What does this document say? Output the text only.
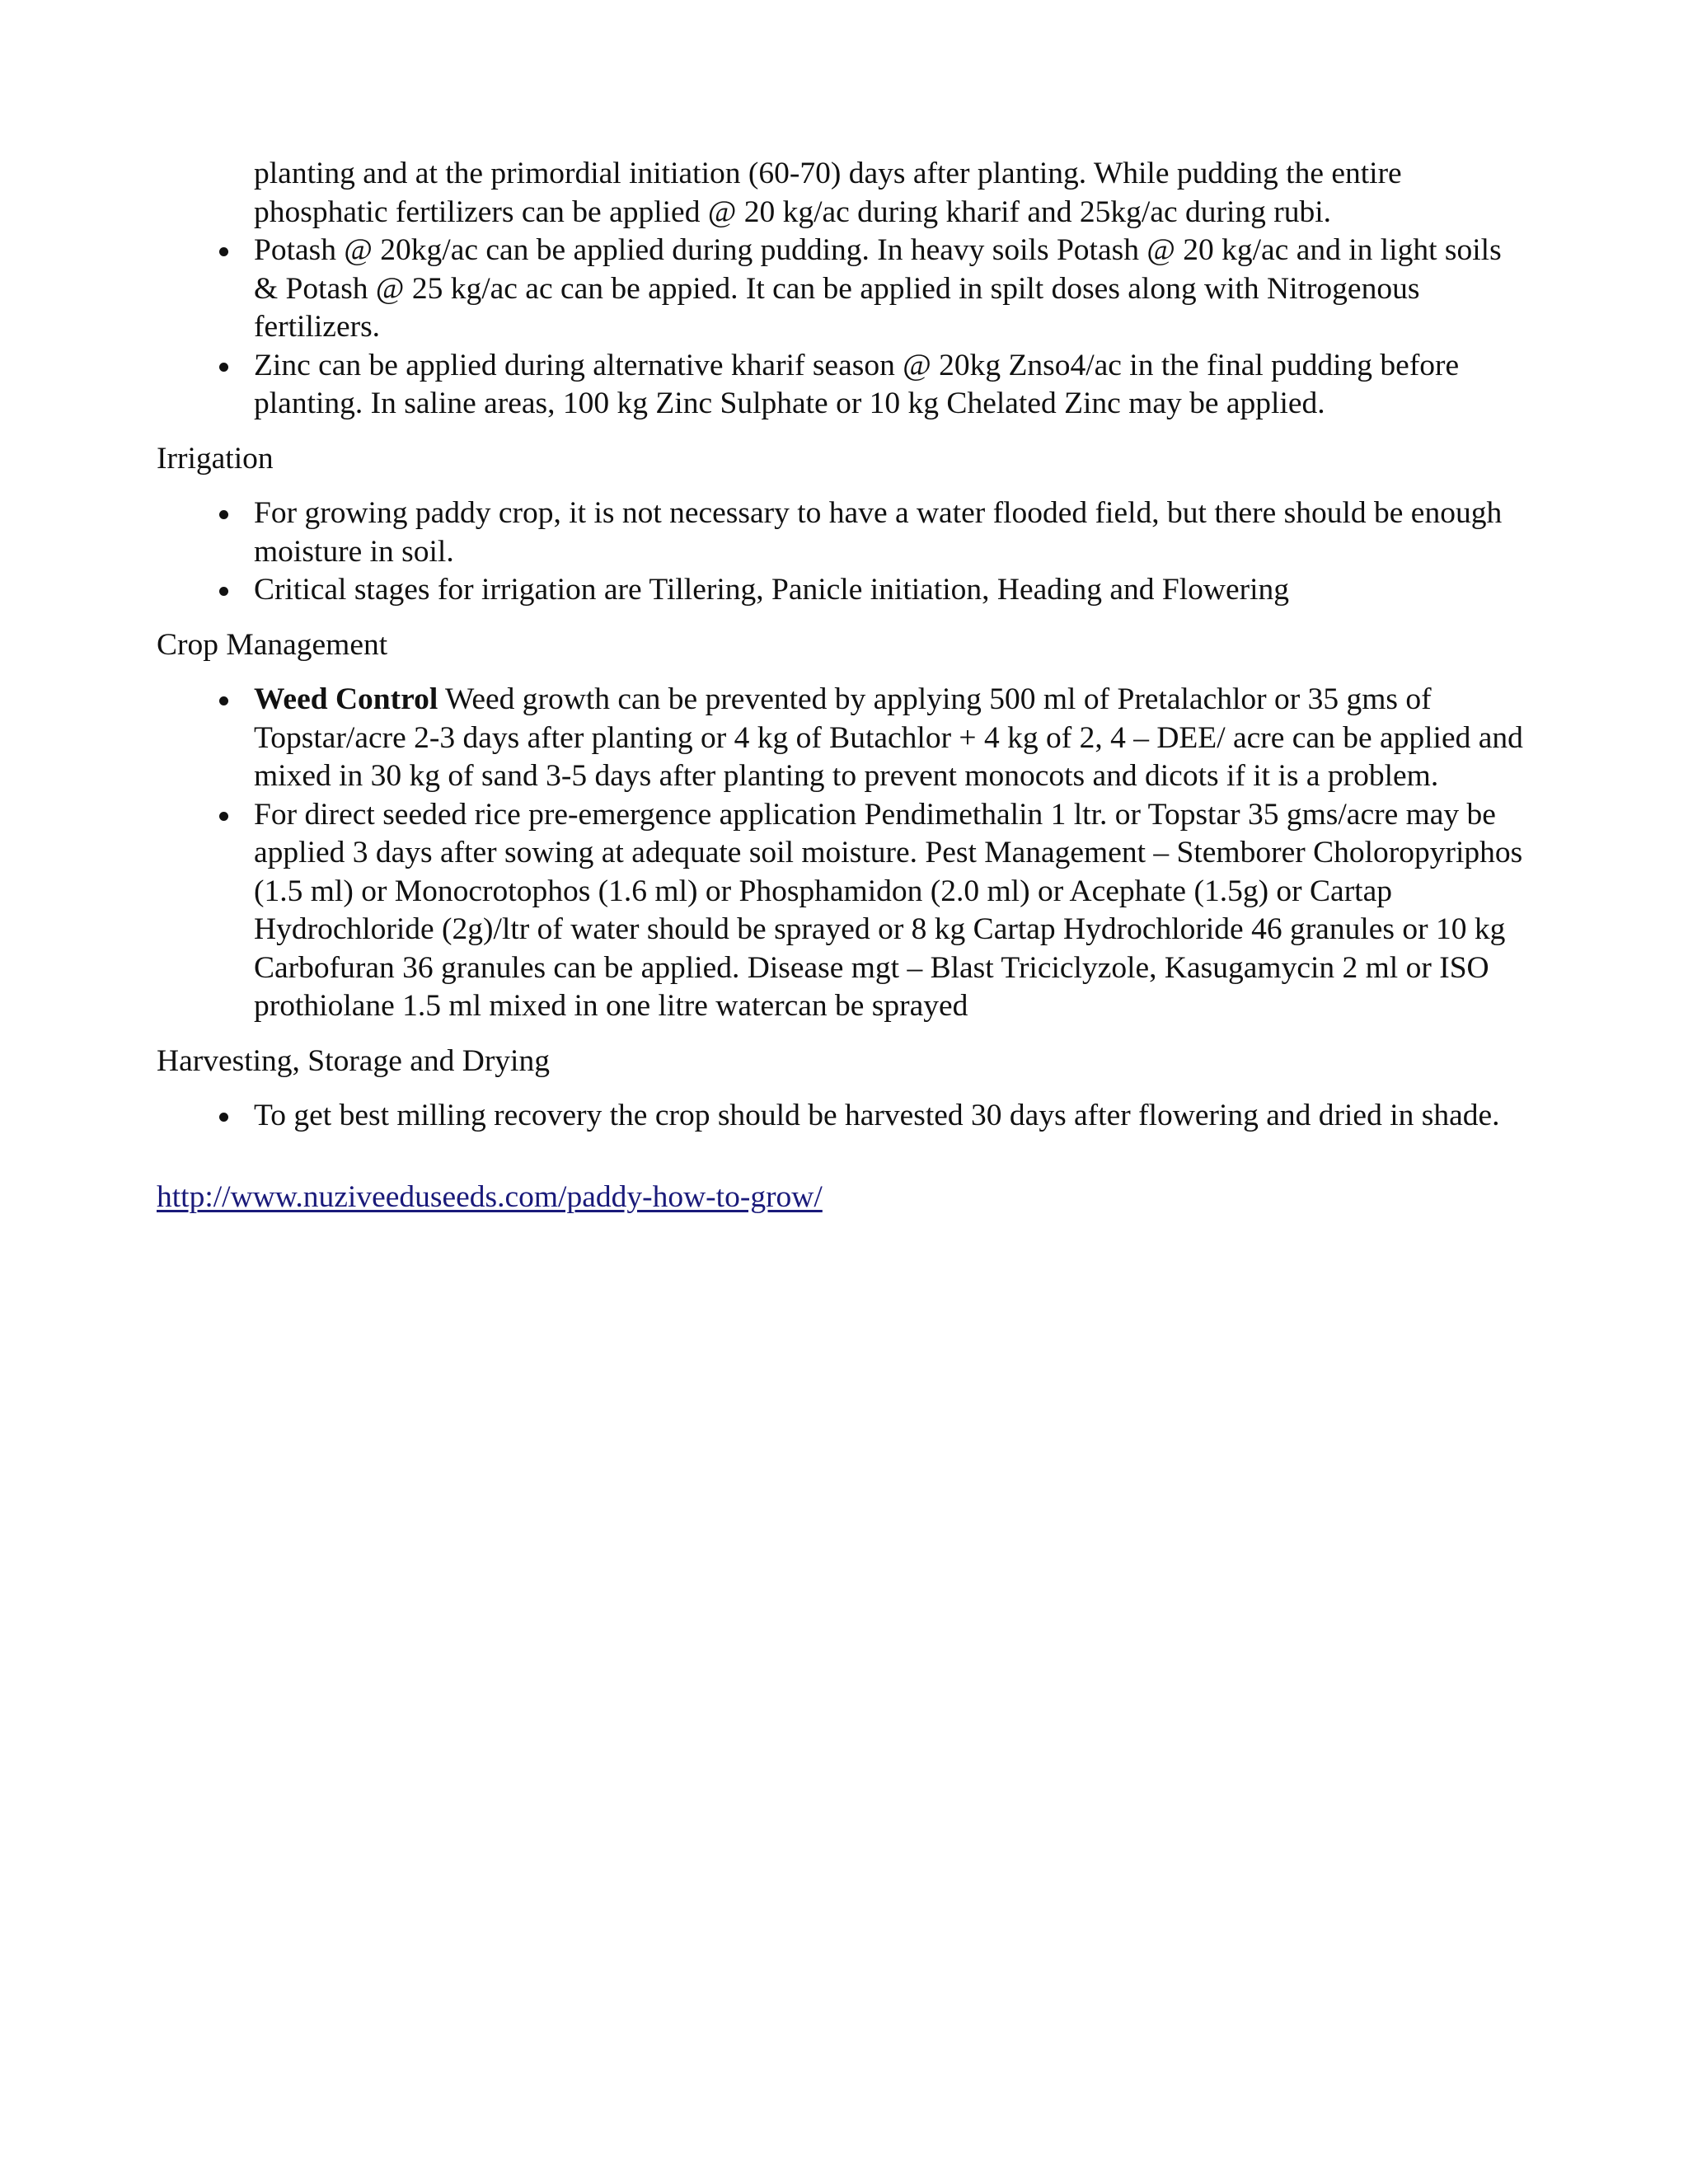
planting and at the primordial initiation (60-70) days after planting. While pudding the entire phosphatic fertilizers can be applied @ 20 kg/ac during kharif and 25kg/ac during rubi.
Potash @ 20kg/ac can be applied during pudding. In heavy soils Potash @ 20 kg/ac and in light soils & Potash @ 25 kg/ac ac can be appied. It can be applied in spilt doses along with Nitrogenous fertilizers.
Zinc can be applied during alternative kharif season @ 20kg Znso4/ac in the final pudding before planting. In saline areas, 100 kg Zinc Sulphate or 10 kg Chelated Zinc may be applied.
Irrigation
For growing paddy crop, it is not necessary to have a water flooded field, but there should be enough moisture in soil.
Critical stages for irrigation are Tillering, Panicle initiation, Heading and Flowering
Crop Management
Weed Control Weed growth can be prevented by applying 500 ml of Pretalachlor or 35 gms of Topstar/acre 2-3 days after planting or 4 kg of Butachlor + 4 kg of 2, 4 – DEE/ acre can be applied and mixed in 30 kg of sand 3-5 days after planting to prevent monocots and dicots if it is a problem.
For direct seeded rice pre-emergence application Pendimethalin 1 ltr. or Topstar 35 gms/acre may be applied 3 days after sowing at adequate soil moisture. Pest Management – Stemborer Choloropyriphos (1.5 ml) or Monocrotophos (1.6 ml) or Phosphamidon (2.0 ml) or Acephate (1.5g) or Cartap Hydrochloride (2g)/ltr of water should be sprayed or 8 kg Cartap Hydrochloride 46 granules or 10 kg Carbofuran 36 granules can be applied. Disease mgt – Blast Triciclyzole, Kasugamycin 2 ml or ISO prothiolane 1.5 ml mixed in one litre watercan be sprayed
Harvesting, Storage and Drying
To get best milling recovery the crop should be harvested 30 days after flowering and dried in shade.
http://www.nuziveeduseeds.com/paddy-how-to-grow/
